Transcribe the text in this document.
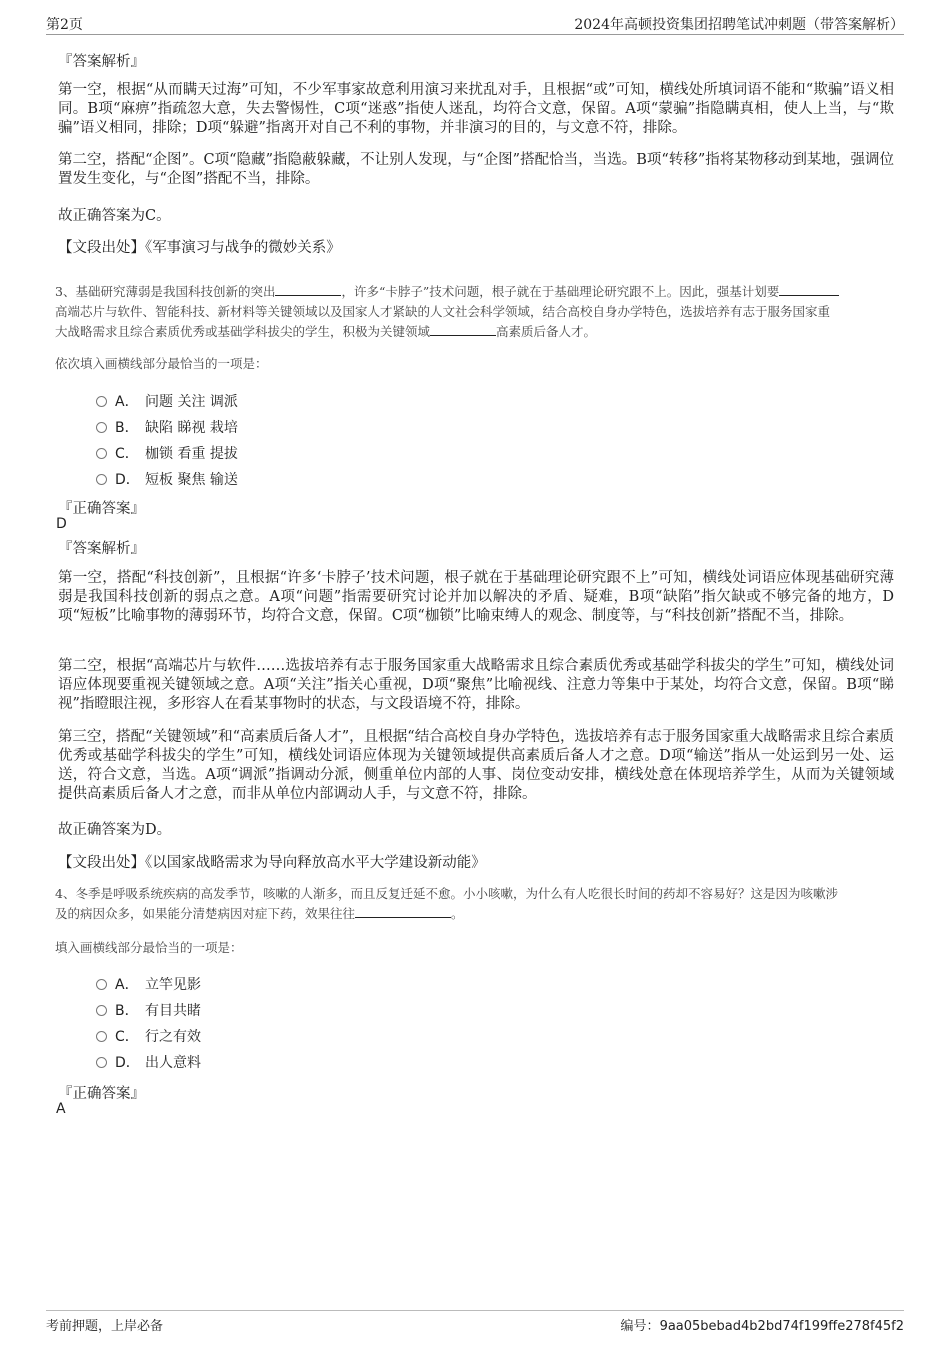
第2页	2024年高顿投资集团招聘笔试冲刺题（带答案解析）
『答案解析』
第一空，根据“从而瞒天过海”可知，不少军事家故意利用演习来扰乱对手，且根据“或”可知，横线处所填词语不能和“欺骗”语义相同。B项“麻痹”指疏忽大意，失去警惕性，C项“迷惑”指使人迷乱，均符合文意，保留。A项“蒙骗”指隐瞒真相，使人上当，与“欺骗”语义相同，排除；D项“躲避”指离开对自己不利的事物，并非演习的目的，与文意不符，排除。
第二空，搭配“企图”。C项“隐藏”指隐蔽躲藏，不让别人发现，与“企图”搭配恰当，当选。B项“转移”指将某物移动到某地，强调位置发生变化，与“企图”搭配不当，排除。
故正确答案为C。
【文段出处】《军事演习与战争的微妙关系》
3、基础研究薄弱是我国科技创新的突出	，许多“卡脖子”技术问题，根子就在于基础理论研究跟不上。因此，强基计划要
高端芯片与软件、智能科技、新材料等关键领域以及国家人才紧缺的人文社会科学领域，结合高校自身办学特色，选拔培养有志于服务国家重
大战略需求且综合素质优秀或基础学科拔尖的学生，积极为关键领域	高素质后备人才。
依次填入画横线部分最恰当的一项是：
A． 问题 关注 调派
B． 缺陷 睇视 栽培
C． 枷锁 看重 提拔
D． 短板 聚焦 输送
『正确答案』
D
『答案解析』
第一空，搭配“科技创新”，且根据“许多‘卡脖子’技术问题，根子就在于基础理论研究跟不上”可知，横线处词语应体现基础研究薄弱是我国科技创新的弱点之意。A项“问题”指需要研究讨论并加以解决的矛盾、疑难，B项“缺陷”指欠缺或不够完备的地方，D项“短板”比喻事物的薄弱环节，均符合文意，保留。C项“枷锁”比喻束缚人的观念、制度等，与“科技创新”搭配不当，排除。
第二空，根据“高端芯片与软件……选拔培养有志于服务国家重大战略需求且综合素质优秀或基础学科拔尖的学生”可知，横线处词语应体现要重视关键领域之意。A项“关注”指关心重视，D项“聚焦”比喻视线、注意力等集中于某处，均符合文意，保留。B项“睇视”指瞪眼注视，多形容人在看某事物时的状态，与文段语境不符，排除。
第三空，搭配“关键领域”和“高素质后备人才”，且根据“结合高校自身办学特色，选拔培养有志于服务国家重大战略需求且综合素质优秀或基础学科拔尖的学生”可知，横线处词语应体现为关键领域提供高素质后备人才之意。D项“输送”指从一处运到另一处、运送，符合文意，当选。A项“调派”指调动分派，侧重单位内部的人事、岗位变动安排，横线处意在体现培养学生，从而为关键领域提供高素质后备人才之意，而非从单位内部调动人手，与文意不符，排除。
故正确答案为D。
【文段出处】《以国家战略需求为导向释放高水平大学建设新动能》
4、冬季是呼吸系统疾病的高发季节，咳嗽的人渐多，而且反复迁延不愈。小小咳嗽，为什么有人吃很长时间的药却不容易好？这是因为咳嗽涉
及的病因众多，如果能分清楚病因对症下药，效果往往	。
填入画横线部分最恰当的一项是：
A． 立竿见影
B． 有目共睹
C． 行之有效
D． 出人意料
『正确答案』
A
考前押题，上岸必备	编号：9aa05bebad4b2bd74f199ffe278f45f2
